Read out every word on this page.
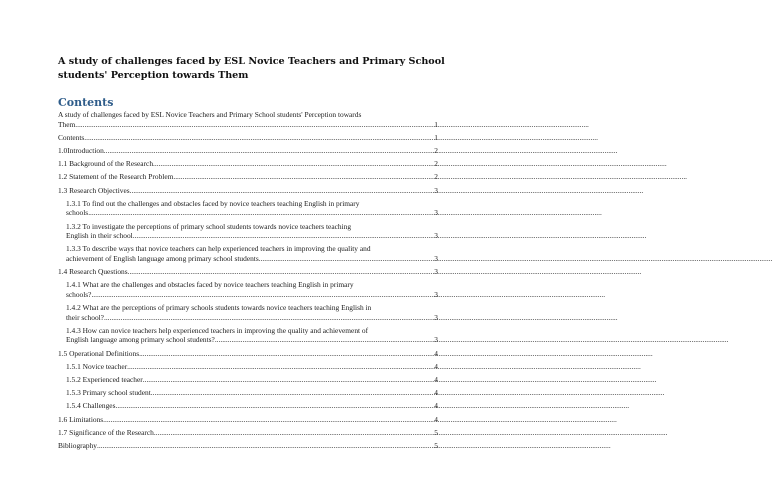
A study of challenges faced by ESL Novice Teachers and Primary School students' Perception towards Them
Contents
A study of challenges faced by ESL Novice Teachers and Primary School students' Perception towards
Them .....	1
Contents .....	1
1.0Introduction .....	2
1.1 Background of the Research .....	2
1.2 Statement of the Research Problem .....	2
1.3 Research Objectives .....	3
1.3.1 To find out the challenges and obstacles faced by novice teachers teaching English in primary
schools .....	3
1.3.2 To investigate the perceptions of primary school students towards novice teachers teaching
English in their school .....	3
1.3.3 To describe ways that novice teachers can help experienced teachers in improving the quality and
achievement of English language among primary school students .....	3
1.4 Research Questions .....	3
1.4.1 What are the challenges and obstacles faced by novice teachers teaching English in primary
schools? .....	3
1.4.2 What are the perceptions of primary schools students towards novice teachers teaching English in
their school? .....	3
1.4.3 How can novice teachers help experienced teachers in improving the quality and achievement of
English language among primary school students? .....	3
1.5 Operational Definitions .....	4
1.5.1 Novice teacher .....	4
1.5.2 Experienced teacher .....	4
1.5.3 Primary school student .....	4
1.5.4 Challenges .....	4
1.6 Limitations .....	4
1.7 Significance of the Research .....	5
Bibliography .....	5
